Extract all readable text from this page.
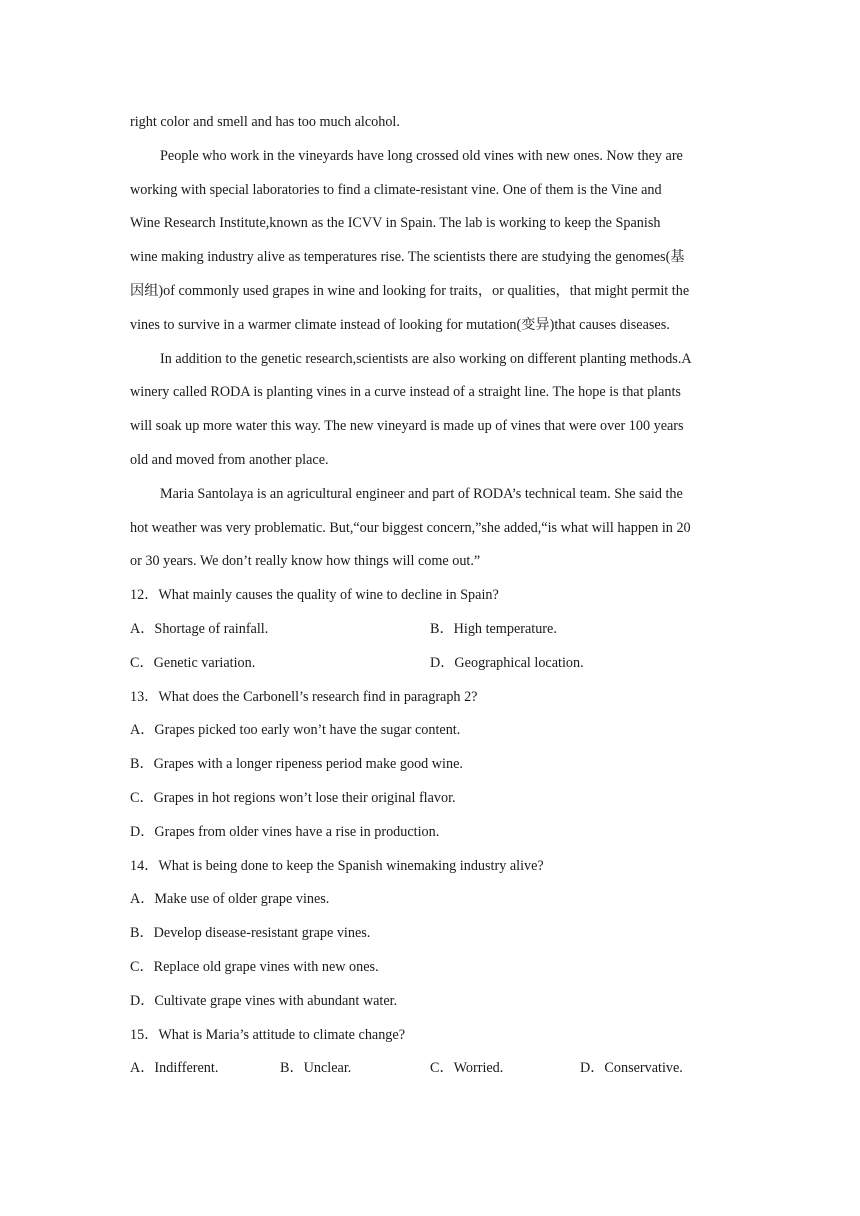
right color and smell and has too much alcohol.
People who work in the vineyards have long crossed old vines with new ones. Now they are
working with special laboratories to find a climate-resistant vine. One of them is the Vine and
Wine Research Institute,known as the ICVV in Spain. The lab is working to keep the Spanish
wine making industry alive as temperatures rise. The scientists there are studying the genomes(基
因组)of commonly used grapes in wine and looking for traits，or qualities，that might permit the
vines to survive in a warmer climate instead of looking for mutation(变异)that causes diseases.
In addition to the genetic research,scientists are also working on different planting methods.A
winery called RODA is planting vines in a curve instead of a straight line. The hope is that plants
will soak up more water this way. The new vineyard is made up of vines that were over 100 years
old and moved from another place.
Maria Santolaya is an agricultural engineer and part of RODA’s technical team. She said the
hot weather was very problematic. But,“our biggest concern,”she added,“is what will happen in 20
or 30 years. We don’t really know how things will come out.”
12．What mainly causes the quality of wine to decline in Spain?
A．Shortage of rainfall.	B．High temperature.
C．Genetic variation.	D．Geographical location.
13．What does the Carbonell’s research find in paragraph 2?
A．Grapes picked too early won’t have the sugar content.
B．Grapes with a longer ripeness period make good wine.
C．Grapes in hot regions won’t lose their original flavor.
D．Grapes from older vines have a rise in production.
14．What is being done to keep the Spanish winemaking industry alive?
A．Make use of older grape vines.
B．Develop disease-resistant grape vines.
C．Replace old grape vines with new ones.
D．Cultivate grape vines with abundant water.
15．What is Maria’s attitude to climate change?
A．Indifferent.	B．Unclear.	C．Worried.	D．Conservative.
